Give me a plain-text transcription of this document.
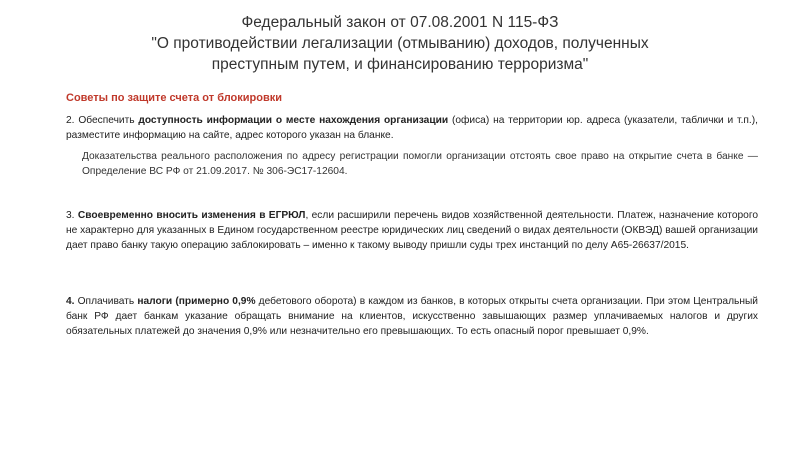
Федеральный закон от 07.08.2001 N 115-ФЗ
"О противодействии легализации (отмыванию) доходов, полученных
преступным путем, и финансированию терроризма"
Советы по защите счета от блокировки
2. Обеспечить доступность информации о месте нахождения организации (офиса) на территории юр. адреса (указатели, таблички и т.п.), разместите информацию на сайте, адрес которого указан на бланке.
Доказательства реального расположения по адресу регистрации помогли организации отстоять свое право на открытие счета в банке — Определение ВС РФ от 21.09.2017. № 306-ЭС17-12604.
3. Своевременно вносить изменения в ЕГРЮЛ, если расширили перечень видов хозяйственной деятельности. Платеж, назначение которого не характерно для указанных в Едином государственном реестре юридических лиц сведений о видах деятельности (ОКВЭД) вашей организации дает право банку такую операцию заблокировать – именно к такому выводу пришли суды трех инстанций по делу А65-26637/2015.
4. Оплачивать налоги (примерно 0,9% дебетового оборота) в каждом из банков, в которых открыты счета организации. При этом Центральный банк РФ дает банкам указание обращать внимание на клиентов, искусственно завышающих размер уплачиваемых налогов и других обязательных платежей до значения 0,9% или незначительно его превышающих. То есть опасный порог превышает 0,9%.
